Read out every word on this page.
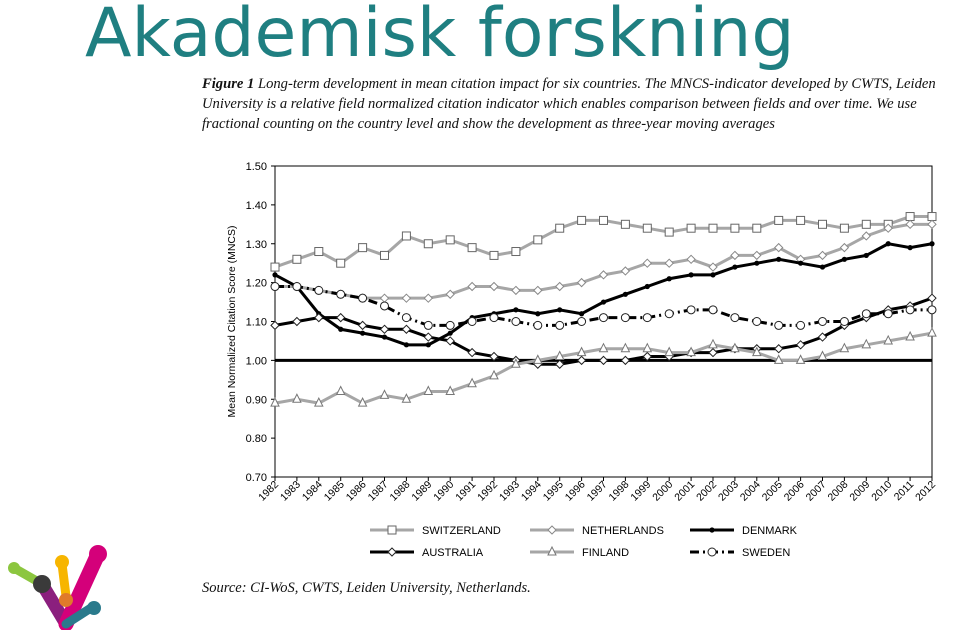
Akademisk forskning
Figure 1 Long-term development in mean citation impact for six countries. The MNCS-indicator developed by CWTS, Leiden University is a relative field normalized citation indicator which enables comparison between fields and over time. We use fractional counting on the country level and show the development as three-year moving averages
0.70
0.80
0.90
1.00
1.10
1.20
1.30
1.40
1.50
1982
1983
1984
1985
1986
1987
1988
1989
1990
1991
1992
1993
1994
1995
1996
1997
1998
1999
2000
2001
2002
2003
2004
2005
2006
2007
2008
2009
2010
2011
2012
Mean Normalized Citation Score (MNCS)
SWITZERLAND	NETHERLANDS	DENMARK
AUSTRALIA	FINLAND	SWEDEN
Source: CI-WoS, CWTS, Leiden University, Netherlands.
